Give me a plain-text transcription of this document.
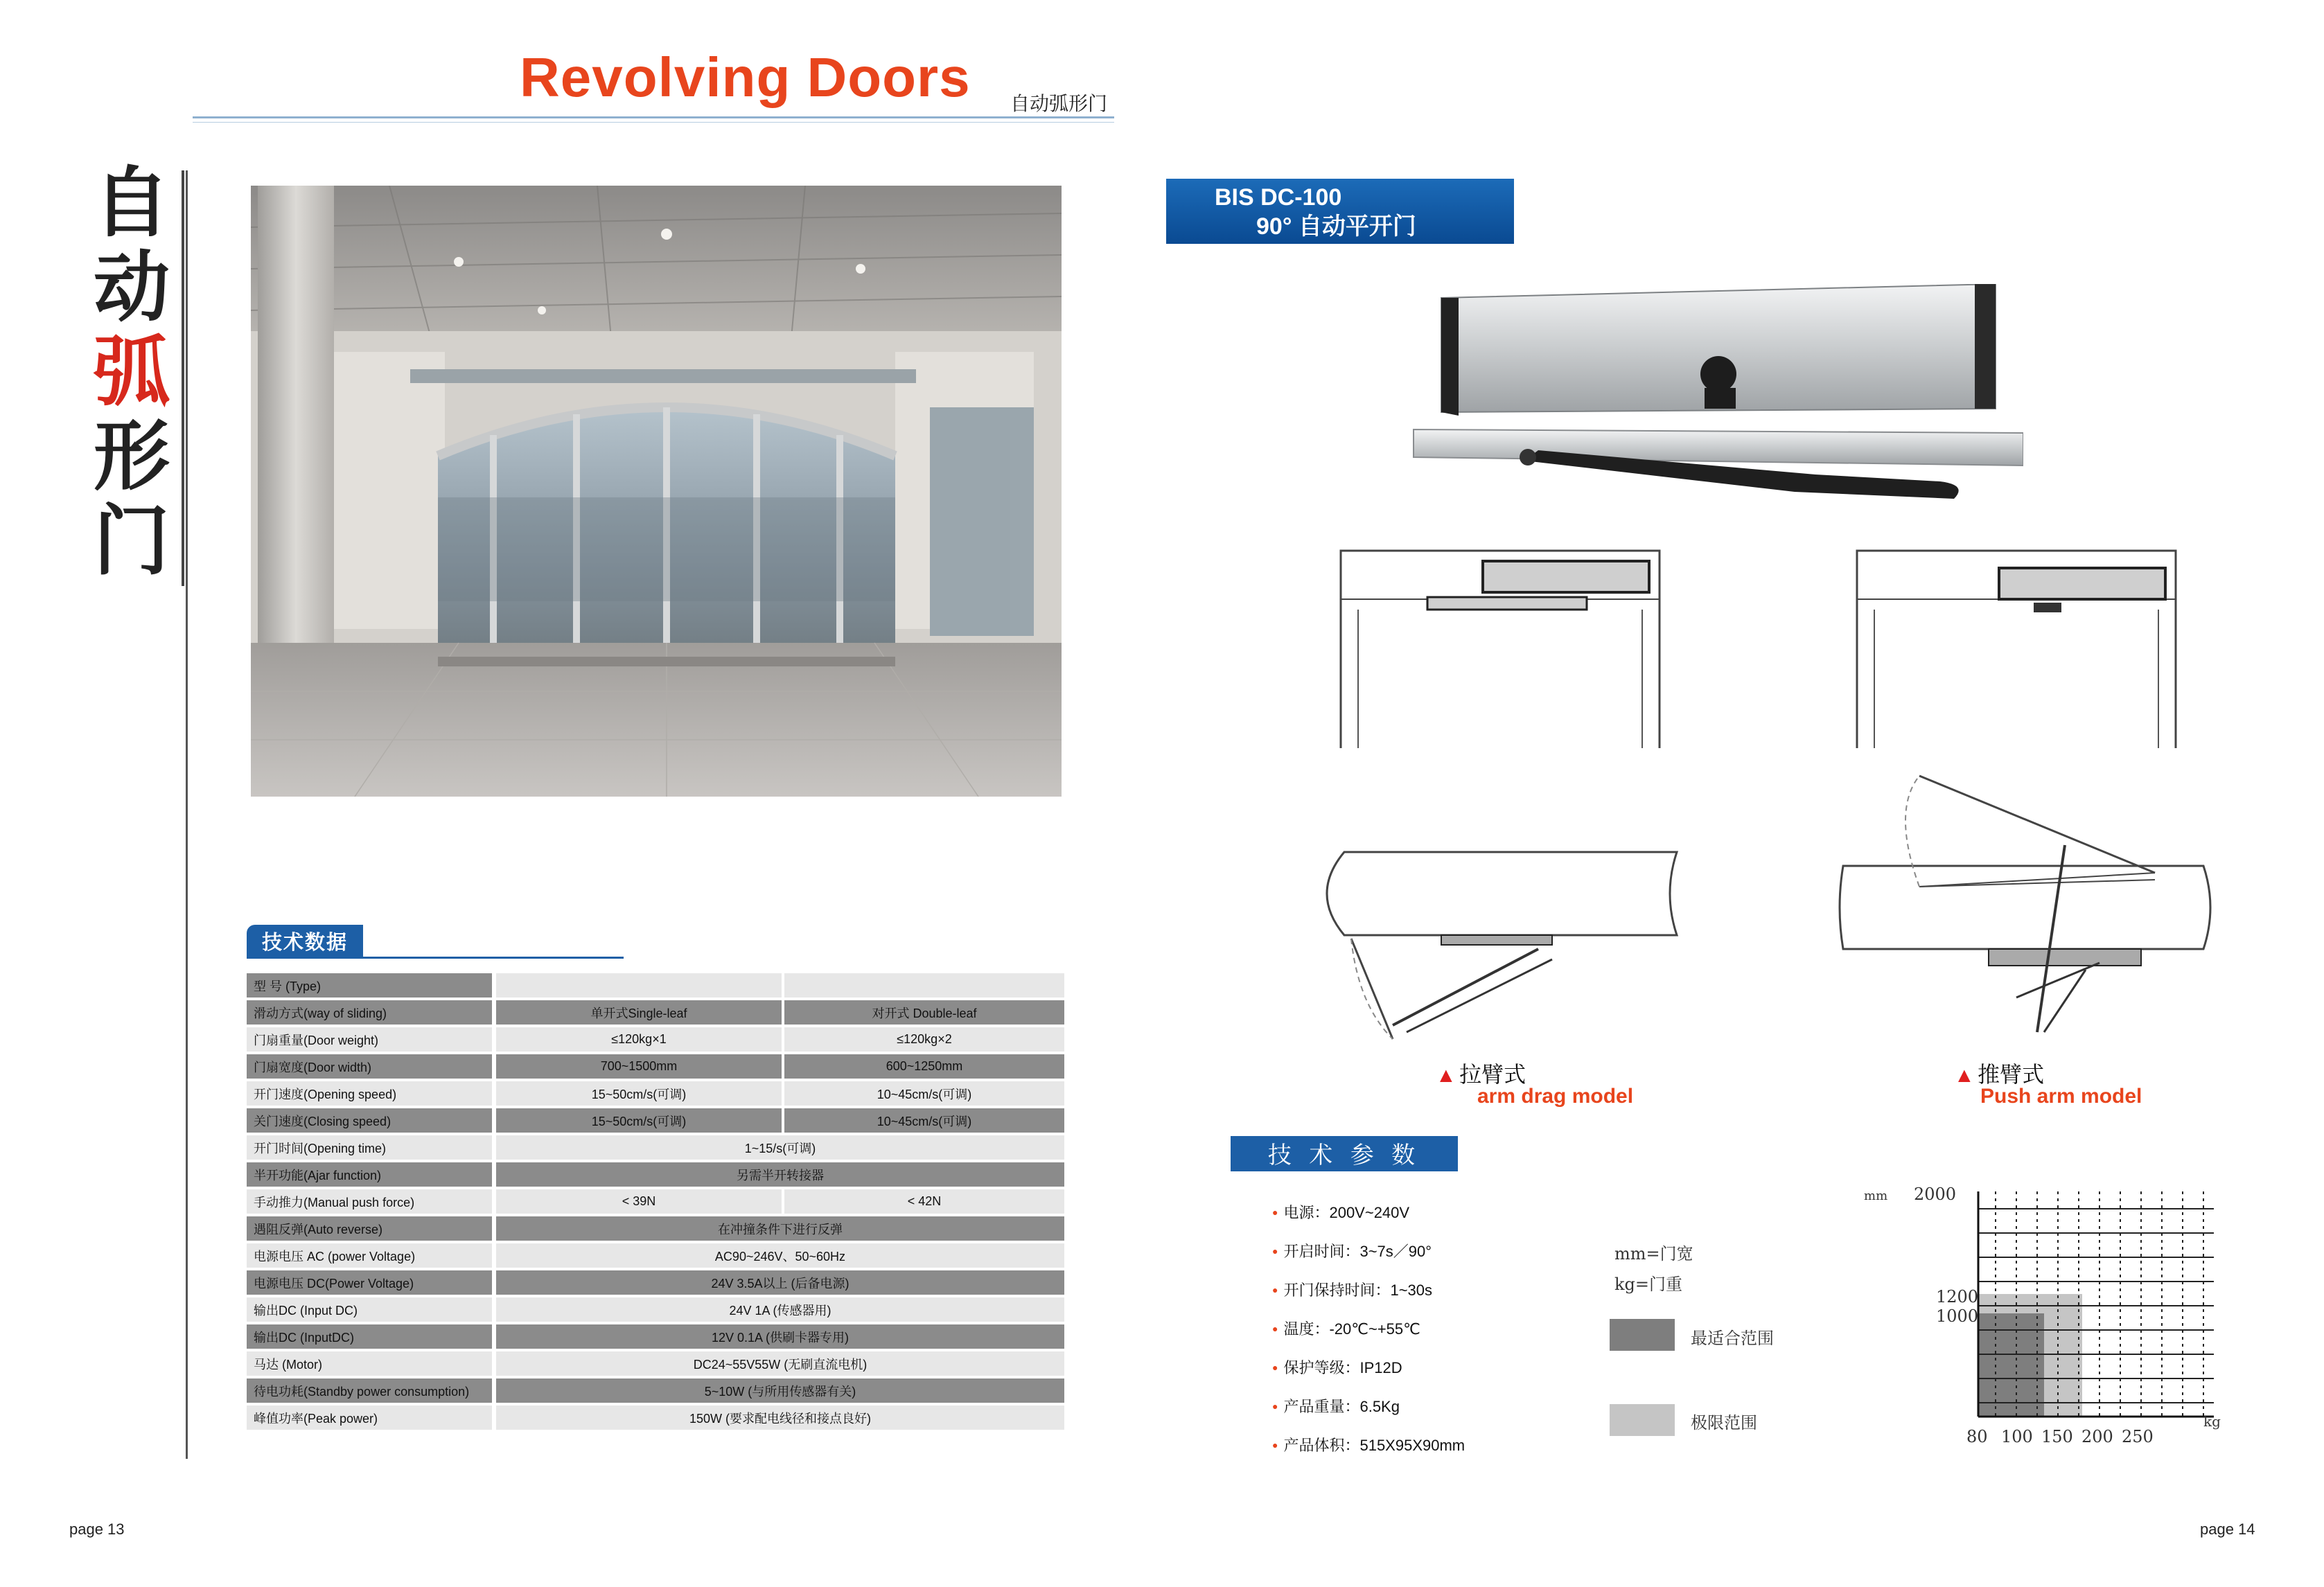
Revolving Doors 自动弧形门
自
动
弧
形
门
技术数据
型 号 (Type)
滑动方式(way of sliding)	单开式Single-leaf	对开式 Double-leaf
门扇重量(Door weight)	≤120kg×1	≤120kg×2
门扇宽度(Door width)	700~1500mm	600~1250mm
开门速度(Opening speed)	15~50cm/s(可调)	10~45cm/s(可调)
关门速度(Closing speed)	15~50cm/s(可调)	10~45cm/s(可调)
开门时间(Opening time)	1~15/s(可调)
半开功能(Ajar function)	另需半开转接器
手动推力(Manual push force)	< 39N	< 42N
遇阻反弹(Auto reverse)	在冲撞条件下进行反弹
电源电压 AC (power Voltage)	AC90~246V、50~60Hz
电源电压 DC(Power Voltage)	24V 3.5A以上 (后备电源)
输出DC (Input DC)	24V 1A (传感器用)
输出DC (InputDC)	12V 0.1A (供刷卡器专用)
马达 (Motor)	DC24~55V55W (无刷直流电机)
待电功耗(Standby power consumption)	5~10W (与所用传感器有关)
峰值功率(Peak power)	150W (要求配电线径和接点良好)
BIS DC-100
90° 自动平开门
▲ 拉臂式
arm drag model
▲ 推臂式
Push arm model
技 术 参 数
● 电源：200V~240V
● 开启时间：3~7s／90°
● 开门保持时间：1~30s
● 温度：-20℃~+55℃
● 保护等级：IP12D
● 产品重量：6.5Kg
● 产品体积：515X95X90mm
mm=门宽
kg=门重
最适合范围
极限范围
mm 2000
1200
1000
80 100 150 200 250
kg
page 13	page 14
